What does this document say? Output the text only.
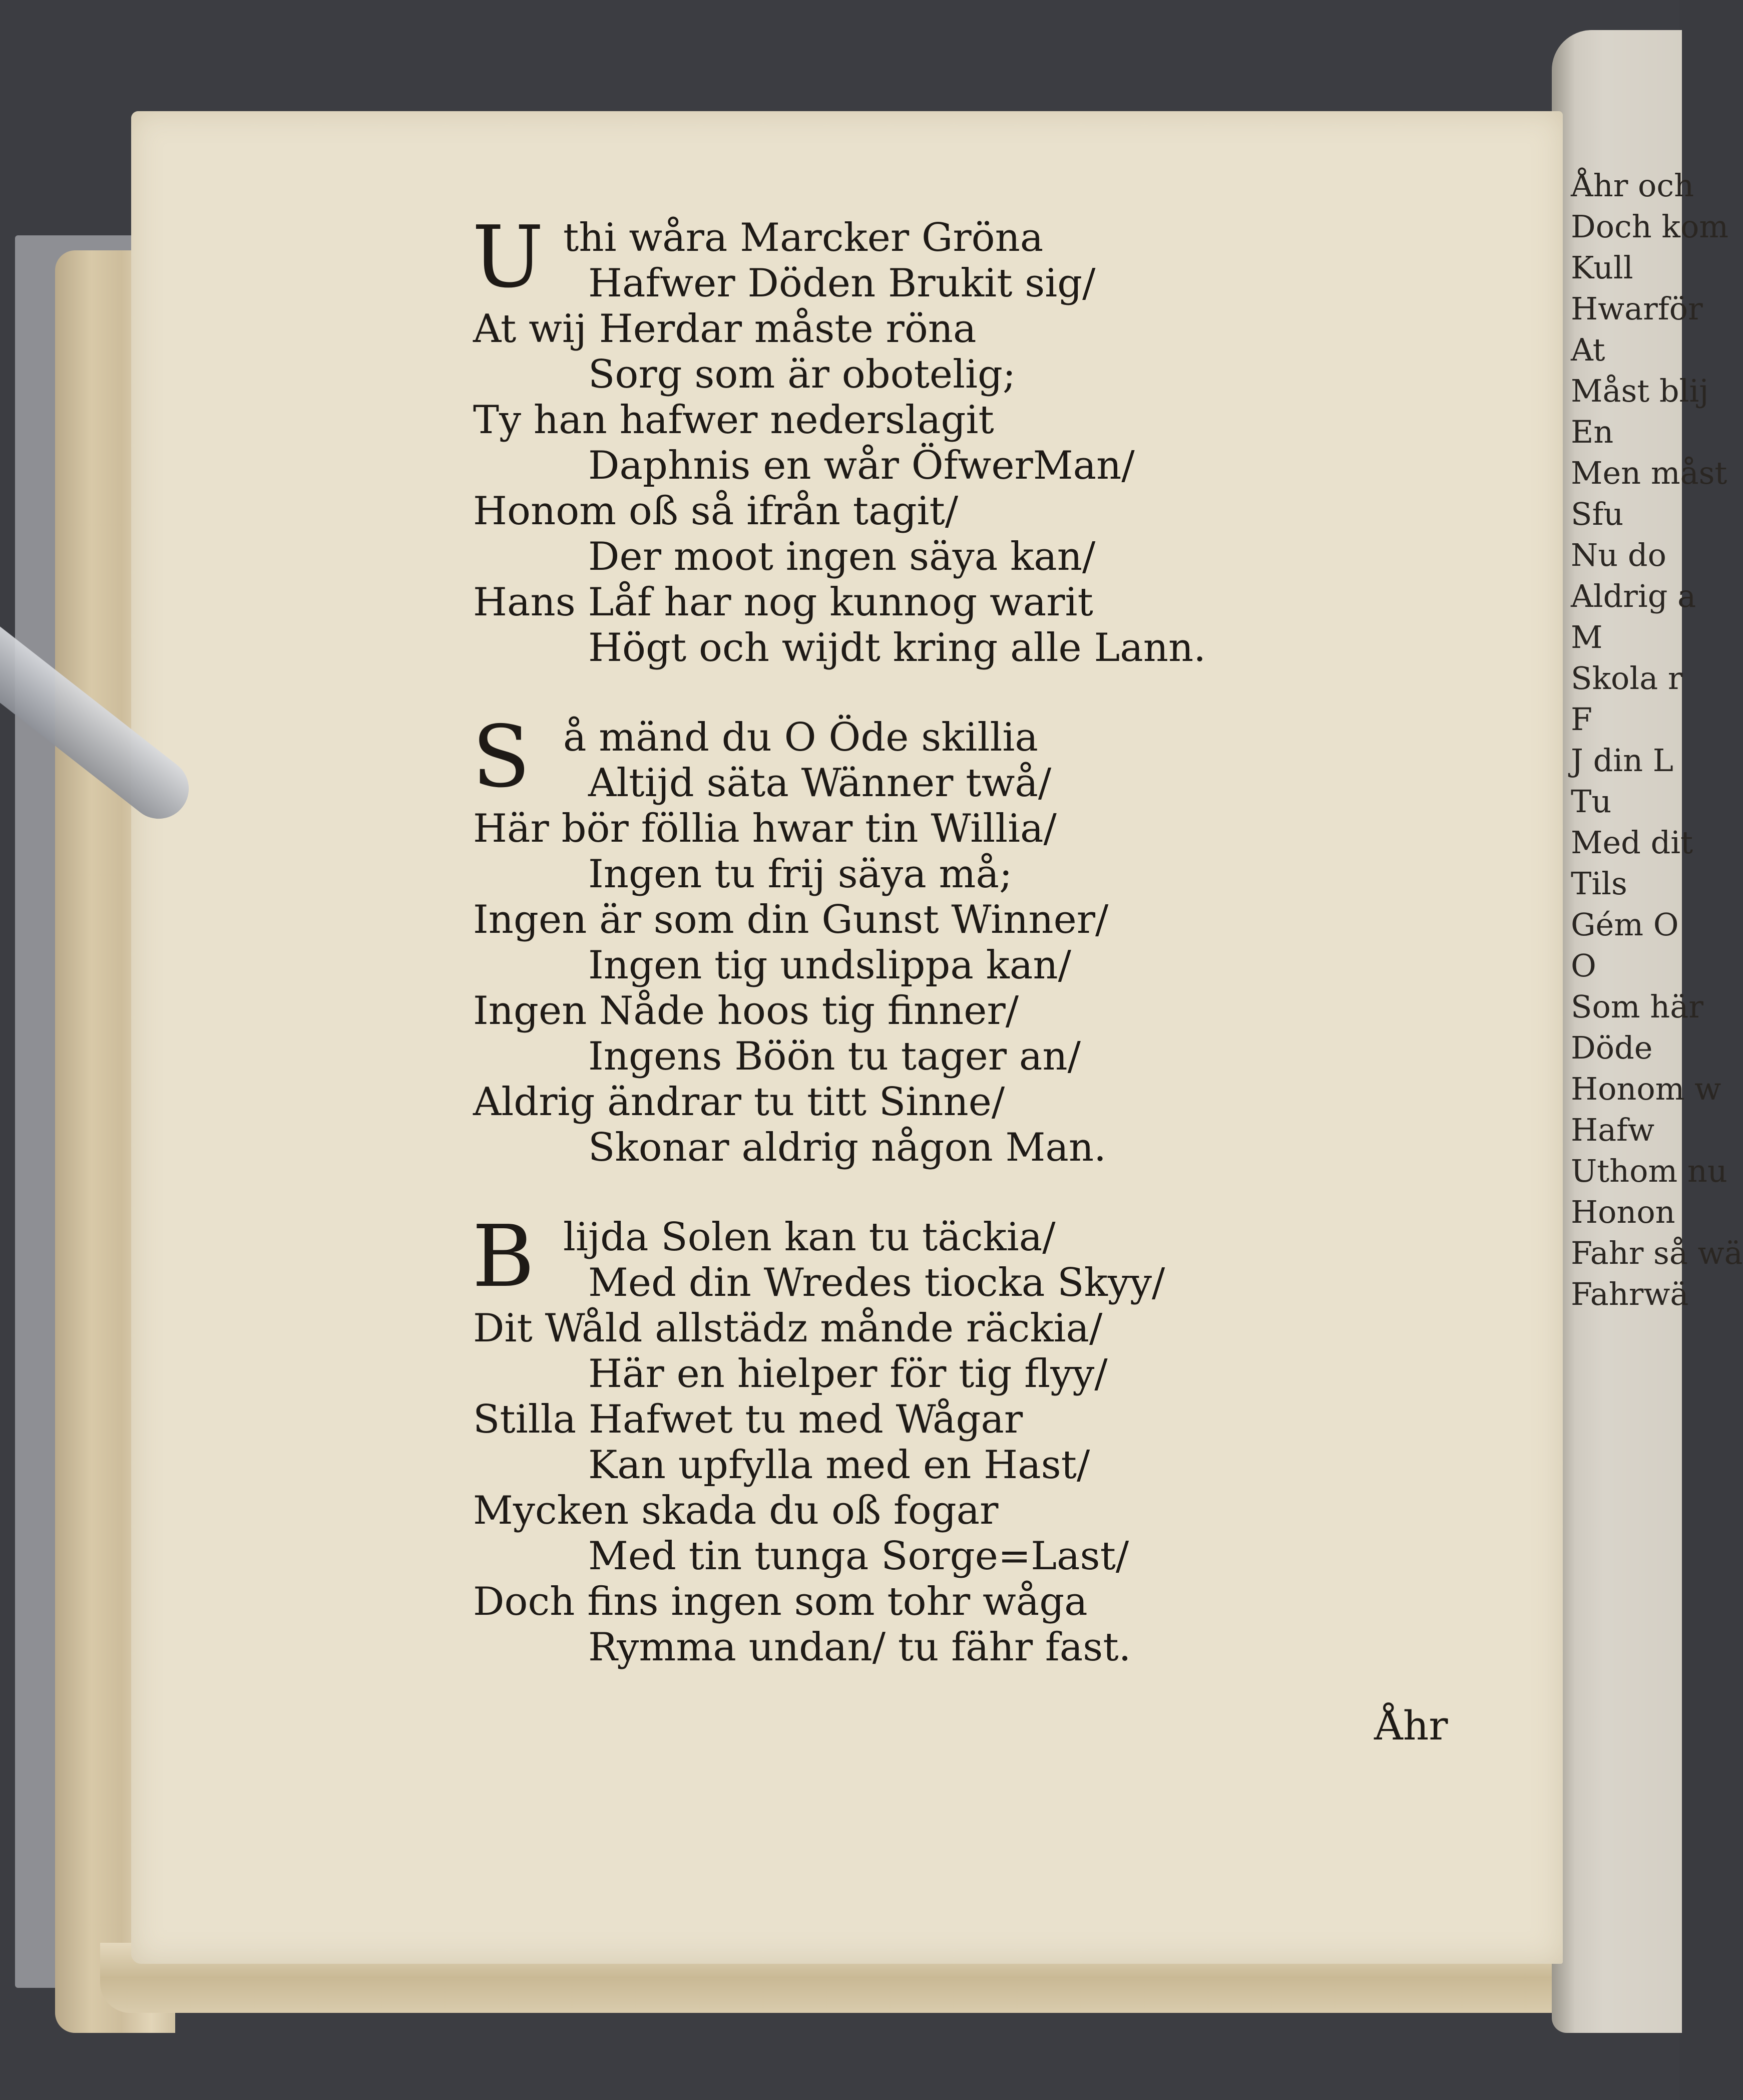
Åhr och
Doch kom
Kull
Hwarför
At
Måst blij
En
Men måst
Sfu
Nu do
Aldrig a
M
Skola r
F
J din L
Tu
Med dit
Tils
Gém O
O
Som här
Döde
Honom w
Hafw
Uthom nu
Honon
Fahr så wä
Fahrwä
U thi wåra Marcker Gröna
Hafwer Döden Brukit sig/
At wij Herdar måste röna
Sorg som är obotelig;
Ty han hafwer nederslagit
Daphnis en wår ÖfwerMan/
Honom oß så ifrån tagit/
Der moot ingen säya kan/
Hans Låf har nog kunnog warit
Högt och wijdt kring alle Lann.
S å mänd du O Öde skillia
Altijd säta Wänner twå/
Här bör föllia hwar tin Willia/
Ingen tu frij säya må;
Ingen är som din Gunst Winner/
Ingen tig undslippa kan/
Ingen Nåde hoos tig finner/
Ingens Böön tu tager an/
Aldrig ändrar tu titt Sinne/
Skonar aldrig någon Man.
B lijda Solen kan tu täckia/
Med din Wredes tiocka Skyy/
Dit Wåld allstädz månde räckia/
Här en hielper för tig flyy/
Stilla Hafwet tu med Wågar
Kan upfylla med en Hast/
Mycken skada du oß fogar
Med tin tunga Sorge=Last/
Doch fins ingen som tohr wåga
Rymma undan/ tu fähr fast.
Åhr
